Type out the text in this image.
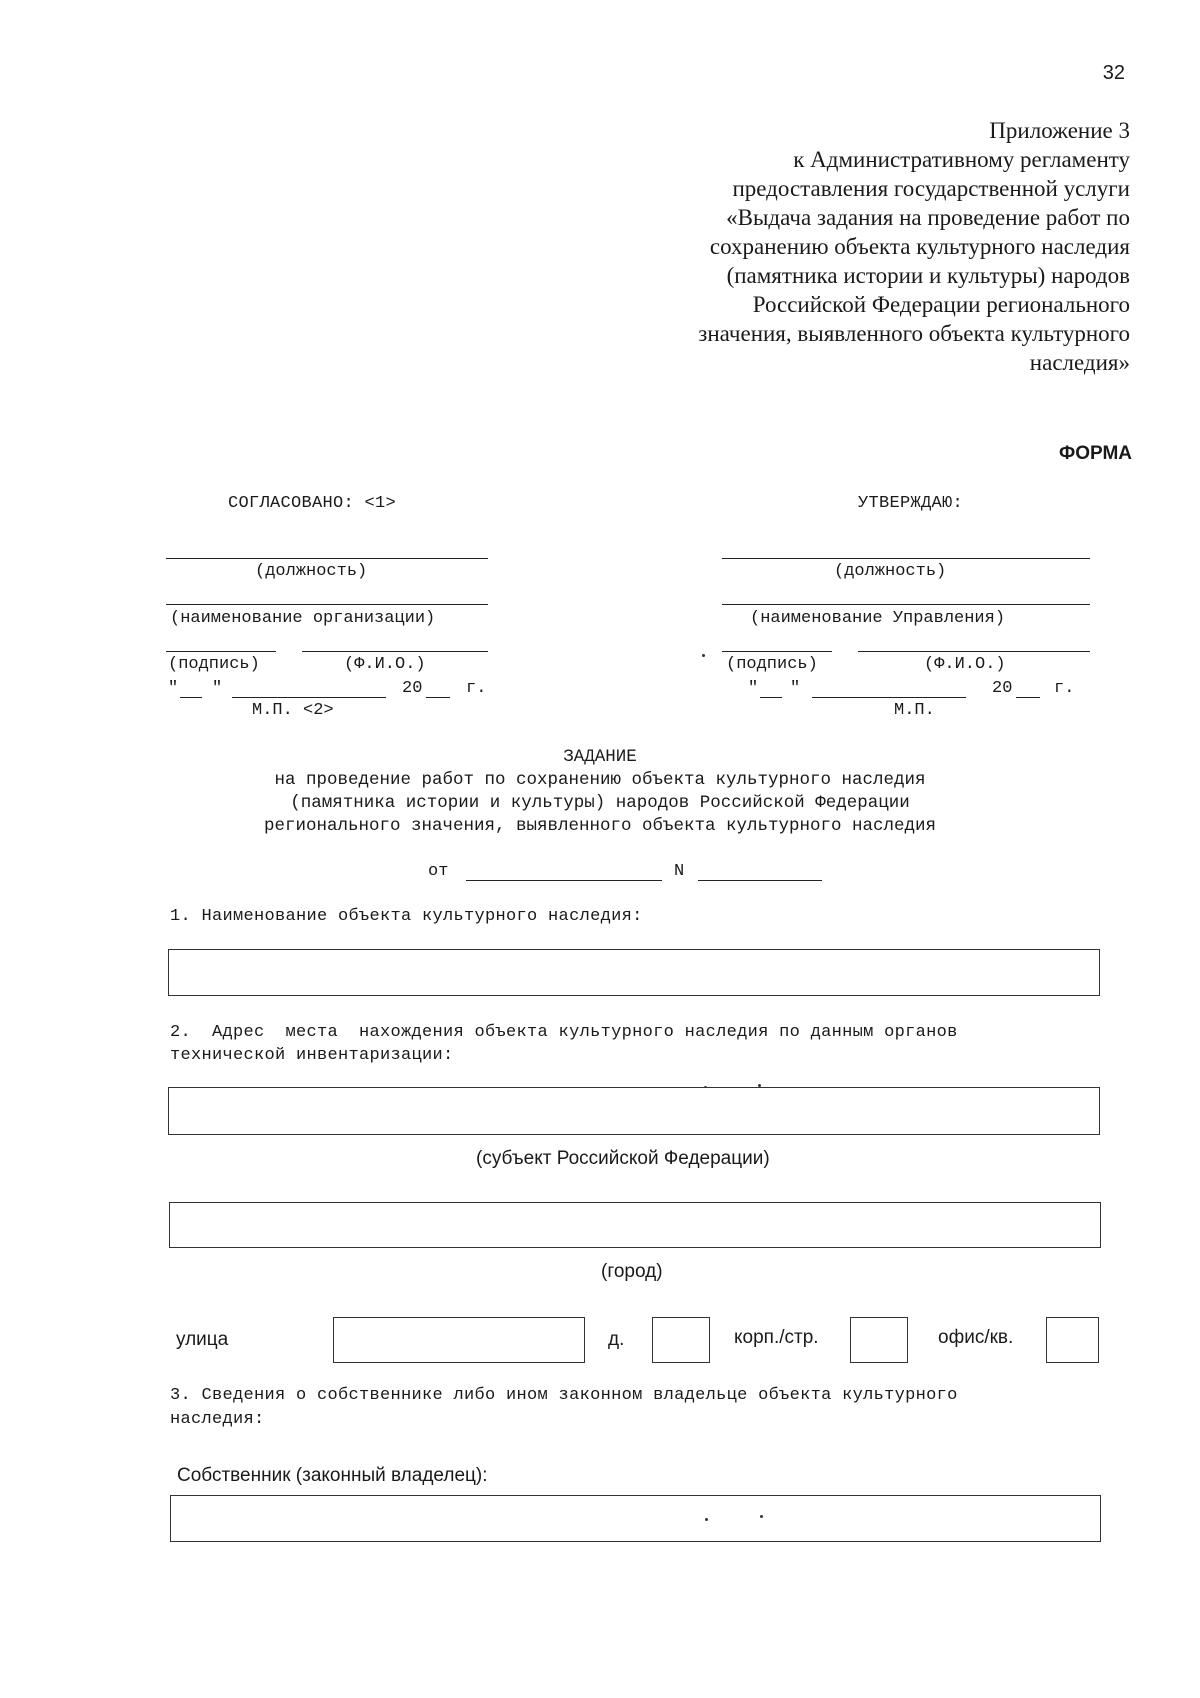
32
Приложение 3
к Административному регламенту
предоставления государственной услуги
«Выдача задания на проведение работ по
сохранению объекта культурного наследия
(памятника истории и культуры) народов
Российской Федерации регионального
значения, выявленного объекта культурного
наследия»
ФОРМА
СОГЛАСОВАНО: <1>
(должность)
(наименование организации)
(подпись)	(Ф.И.О.)
" "	20	г.
М.П. <2>
УТВЕРЖДАЮ:
(должность)
(наименование Управления)
(подпись)	(Ф.И.О.)
" "	20 г.
М.П.
ЗАДАНИЕ
на проведение работ по сохранению объекта культурного наследия
(памятника истории и культуры) народов Российской Федерации
регионального значения, выявленного объекта культурного наследия
от	N
1. Наименование объекта культурного наследия:
2.  Адрес  места  нахождения объекта культурного наследия по данным органов
технической инвентаризации:
(субъект Российской Федерации)
(город)
улица	д.	корп./стр.	офис/кв.
3. Сведения о собственнике либо ином законном владельце объекта культурного
наследия:
Собственник (законный владелец):
